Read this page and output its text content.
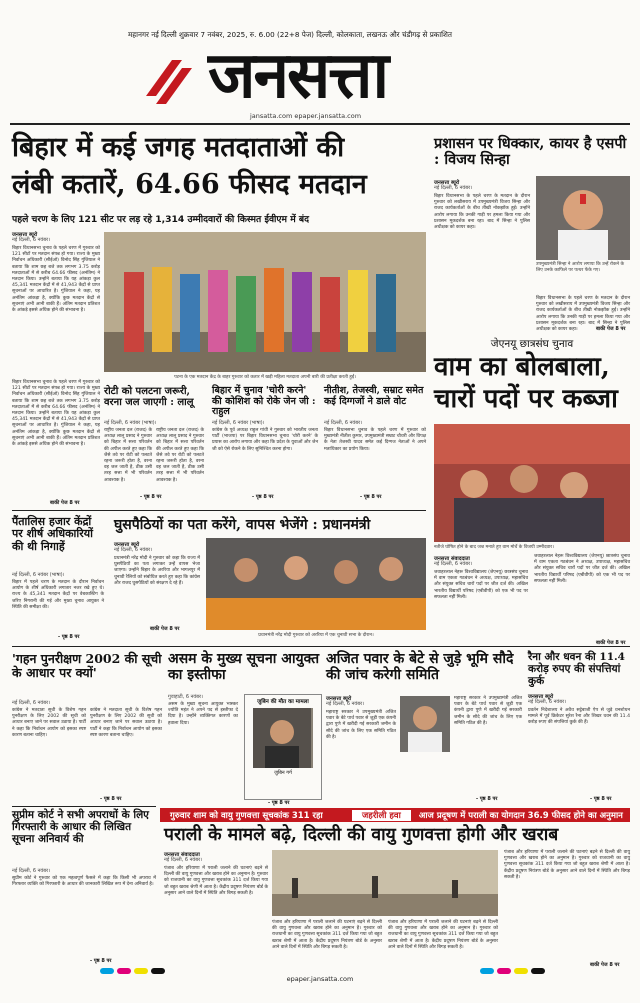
महानगर नई दिल्ली शुक्रवार 7 नवंबर, 2025, रु. 6.00 (22+8 पेज) दिल्ली, कोलकाता, लखनऊ और चंडीगढ़ से प्रकाशित
जनसत्ता
jansatta.com epaper.jansatta.com
बिहार में कई जगह मतदाताओं की
लंबी कतारें, 64.66 फीसद मतदान
पहले चरण के लिए 121 सीट पर लड़ रहे 1,314 उम्मीदवारों की किस्मत ईवीएम में बंद
जनसत्ता ब्यूरो
नई दिल्ली, 6 नवंबर।
बिहार विधानसभा चुनाव के पहले चरण में गुरुवार को 121 सीटों पर मतदान संपन्न हो गया। राज्य के मुख्य निर्वाचन अधिकारी (सीईओ) विनोद सिंह गुंजियाल ने बताया कि शाम छह बजे तक लगभग 3.75 करोड़ मतदाताओं में से करीब 64.66 फीसद (अनंतिम) ने मतदान किया। उन्होंने बताया कि यह आंकड़ा कुल 45,341 मतदान केंद्रों में से 41,943 केंद्रों से प्राप्त सूचनाओं पर आधारित है। गुंजियाल ने कहा, यह अनंतिम आंकड़ा है, क्योंकि कुछ मतदान केंद्रों से सूचनाएं अभी आनी बाकी हैं। अंतिम मतदान प्रतिशत के आंकड़े इससे अधिक होने की संभावना है।
बिहार विधानसभा चुनाव के पहले चरण में गुरुवार को 121 सीटों पर मतदान संपन्न हो गया। राज्य के मुख्य निर्वाचन अधिकारी (सीईओ) विनोद सिंह गुंजियाल ने बताया कि शाम छह बजे तक लगभग 3.75 करोड़ मतदाताओं में से करीब 64.66 फीसद (अनंतिम) ने मतदान किया। उन्होंने बताया कि यह आंकड़ा कुल 45,341 मतदान केंद्रों में से 41,943 केंद्रों से प्राप्त सूचनाओं पर आधारित है। गुंजियाल ने कहा, यह अनंतिम आंकड़ा है, क्योंकि कुछ मतदान केंद्रों से सूचनाएं अभी आनी बाकी हैं। अंतिम मतदान प्रतिशत के आंकड़े इससे अधिक होने की संभावना है।
बाकी पेज 8 पर
पटना के एक मतदान केंद्र के बाहर गुरुवार को कतार में खड़ी महिला मतदाता अपनी बारी की प्रतीक्षा करती हुईं।
रोटी को पलटना जरूरी, वरना जल जाएगी : लालू
नई दिल्ली, 6 नवंबर (भाषा)।
राष्ट्रीय जनता दल (राजद) के अध्यक्ष लालू प्रसाद ने गुरुवार को बिहार में सत्ता परिवर्तन की अपील करते हुए कहा कि जैसे तवे पर रोटी को पलटते रहना जरूरी होता है, वरना वह जल जाती है, ठीक उसी तरह सत्ता में भी परिवर्तन आवश्यक है।
राष्ट्रीय जनता दल (राजद) के अध्यक्ष लालू प्रसाद ने गुरुवार को बिहार में सत्ता परिवर्तन की अपील करते हुए कहा कि जैसे तवे पर रोटी को पलटते रहना जरूरी होता है, वरना वह जल जाती है, ठीक उसी तरह सत्ता में भी परिवर्तन आवश्यक है।
- पृष्ठ 8 पर
बिहार में चुनाव 'चोरी करने' की कोशिश को रोके जेन जी : राहुल
नई दिल्ली, 6 नवंबर (भाषा)।
कांग्रेस के पूर्व अध्यक्ष राहुल गांधी ने गुरुवार को भारतीय जनता पार्टी (भाजपा) पर बिहार विधानसभा चुनाव 'चोरी करने' के प्रयास का आरोप लगाया और कहा कि प्रदेश के युवाओं और जेन जी को ऐसे रोकने के लिए सुनिश्चित करना होगा।
- पृष्ठ 8 पर
नीतीश, तेजस्वी, सम्राट समेत कई दिग्गजों ने डाले वोट
नई दिल्ली, 6 नवंबर।
बिहार विधानसभा चुनाव के पहले चरण में गुरुवार को मुख्यमंत्री नीतीश कुमार, उपमुख्यमंत्री सम्राट चौधरी और विपक्ष के नेता तेजस्वी यादव समेत कई दिग्गज नेताओं ने अपने मताधिकार का प्रयोग किया।
- पृष्ठ 8 पर
प्रशासन पर धिक्कार, कायर है एसपी : विजय सिन्हा
जनसत्ता ब्यूरो
नई दिल्ली, 6 नवंबर।
बिहार विधानसभा के पहले चरण के मतदान के दौरान गुरुवार को लखीसराय में उपमुख्यमंत्री विजय सिन्हा और राजद कार्यकर्ताओं के बीच तीखी नोकझोंक हुई। उन्होंने आरोप लगाया कि उनकी गाड़ी पर हमला किया गया और प्रशासन मूकदर्शक बना रहा। बाद में सिन्हा ने पुलिस अधीक्षक को कायर कहा।
उपमुख्यमंत्री सिन्हा ने आरोप लगाया कि उन्हें रोकने के लिए उनके काफिले पर पत्थर फेंके गए।
बिहार विधानसभा के पहले चरण के मतदान के दौरान गुरुवार को लखीसराय में उपमुख्यमंत्री विजय सिन्हा और राजद कार्यकर्ताओं के बीच तीखी नोकझोंक हुई। उन्होंने आरोप लगाया कि उनकी गाड़ी पर हमला किया गया और प्रशासन मूकदर्शक बना रहा। बाद में सिन्हा ने पुलिस अधीक्षक को कायर कहा।	बाकी पेज 8 पर
जेएनयू छात्रसंघ चुनाव
वाम का बोलबाला,
चारों पदों पर कब्जा
नतीजे घोषित होने के बाद जश्न मनाते हुए वाम मोर्चे के विजयी उम्मीदवार।
जनसत्ता संवाददाता
नई दिल्ली, 6 नवंबर।
जवाहरलाल नेहरू विश्वविद्यालय (जेएनयू) छात्रसंघ चुनाव में वाम एकता गठबंधन ने अध्यक्ष, उपाध्यक्ष, महासचिव और संयुक्त सचिव चारों पदों पर जीत दर्ज की। अखिल भारतीय विद्यार्थी परिषद (एबीवीपी) को एक भी पद पर सफलता नहीं मिली।
जवाहरलाल नेहरू विश्वविद्यालय (जेएनयू) छात्रसंघ चुनाव में वाम एकता गठबंधन ने अध्यक्ष, उपाध्यक्ष, महासचिव और संयुक्त सचिव चारों पदों पर जीत दर्ज की। अखिल भारतीय विद्यार्थी परिषद (एबीवीपी) को एक भी पद पर सफलता नहीं मिली।
बाकी पेज 8 पर
पैंतालिस हजार केंद्रों पर शीर्ष अधिकारियों की थी निगाहें
नई दिल्ली, 6 नवंबर (भाषा)।
बिहार में पहले चरण के मतदान के दौरान निर्वाचन आयोग के शीर्ष अधिकारी लगातार नजर रखे हुए थे। राज्य के 45,341 मतदान केंद्रों पर वेबकास्टिंग के जरिए निगरानी की गई और मुख्य चुनाव आयुक्त ने स्थिति की समीक्षा की।
- पृष्ठ 8 पर
घुसपैठियों का पता करेंगे, वापस भेजेंगे : प्रधानमंत्री
जनसत्ता ब्यूरो
नई दिल्ली, 6 नवंबर।
प्रधानमंत्री नरेंद्र मोदी ने गुरुवार को कहा कि राज्य में घुसपैठियों का पता लगाकर उन्हें वापस भेजा जाएगा। उन्होंने बिहार के अररिया और भागलपुर में चुनावी रैलियों को संबोधित करते हुए कहा कि कांग्रेस और राजद घुसपैठियों को संरक्षण दे रहे हैं।
प्रधानमंत्री नरेंद्र मोदी गुरुवार को अररिया में एक चुनावी सभा के दौरान।
बाकी पेज 8 पर
'गहन पुनरीक्षण 2002 की सूची के आधार पर क्यों'
नई दिल्ली, 6 नवंबर।
कांग्रेस ने मतदाता सूची के विशेष गहन पुनरीक्षण के लिए 2002 की सूची को आधार बनाए जाने पर सवाल उठाया है। पार्टी ने कहा कि निर्वाचन आयोग को इसका स्पष्ट कारण बताना चाहिए।
कांग्रेस ने मतदाता सूची के विशेष गहन पुनरीक्षण के लिए 2002 की सूची को आधार बनाए जाने पर सवाल उठाया है। पार्टी ने कहा कि निर्वाचन आयोग को इसका स्पष्ट कारण बताना चाहिए।
- पृष्ठ 8 पर
असम के मुख्य सूचना आयुक्त का इस्तीफा
गुवाहाटी, 6 नवंबर।
असम के मुख्य सूचना आयुक्त भास्कर ज्योति महंत ने अपने पद से इस्तीफा दे दिया है। उन्होंने व्यक्तिगत कारणों का हवाला दिया।
जुबिन की मौत का मामला
जुबिन गर्ग
- पृष्ठ 8 पर
अजित पवार के बेटे से जुड़े भूमि सौदे की जांच करेगी समिति
जनसत्ता ब्यूरो
नई दिल्ली, 6 नवंबर।
महाराष्ट्र सरकार ने उपमुख्यमंत्री अजित पवार के बेटे पार्थ पवार से जुड़ी एक कंपनी द्वारा पुणे में खरीदी गई सरकारी जमीन के सौदे की जांच के लिए एक समिति गठित की है।
महाराष्ट्र सरकार ने उपमुख्यमंत्री अजित पवार के बेटे पार्थ पवार से जुड़ी एक कंपनी द्वारा पुणे में खरीदी गई सरकारी जमीन के सौदे की जांच के लिए एक समिति गठित की है।
- पृष्ठ 8 पर
रैना और धवन की 11.4 करोड़ रुपए की संपत्तियां कुर्क
जनसत्ता ब्यूरो
नई दिल्ली, 6 नवंबर।
प्रवर्तन निदेशालय ने अवैध सट्टेबाजी ऐप से जुड़े धनशोधन मामले में पूर्व क्रिकेटर सुरेश रैना और शिखर धवन की 11.4 करोड़ रुपए की संपत्तियां कुर्क की हैं।
- पृष्ठ 8 पर
सुप्रीम कोर्ट ने सभी अपराधों के लिए गिरफ्तारी के आधार की लिखित सूचना अनिवार्य की
नई दिल्ली, 6 नवंबर।
सुप्रीम कोर्ट ने गुरुवार को एक महत्वपूर्ण फैसले में कहा कि किसी भी अपराध में गिरफ्तार व्यक्ति को गिरफ्तारी के आधार की जानकारी लिखित रूप में देना अनिवार्य है।
- पृष्ठ 8 पर
गुरुवार शाम को वायु गुणवत्ता सूचकांक 311 रहा	जहरीली हवा	आज प्रदूषण में पराली का योगदान 36.9 फीसद होने का अनुमान
पराली के मामले बढ़े, दिल्ली की वायु गुणवत्ता होगी और खराब
जनसत्ता संवाददाता
नई दिल्ली, 6 नवंबर।
पंजाब और हरियाणा में पराली जलाने की घटनाएं बढ़ने से दिल्ली की वायु गुणवत्ता और खराब होने का अनुमान है। गुरुवार को राजधानी का वायु गुणवत्ता सूचकांक 311 दर्ज किया गया जो बहुत खराब श्रेणी में आता है। केंद्रीय प्रदूषण नियंत्रण बोर्ड के अनुसार आने वाले दिनों में स्थिति और बिगड़ सकती है।
पंजाब और हरियाणा में पराली जलाने की घटनाएं बढ़ने से दिल्ली की वायु गुणवत्ता और खराब होने का अनुमान है। गुरुवार को राजधानी का वायु गुणवत्ता सूचकांक 311 दर्ज किया गया जो बहुत खराब श्रेणी में आता है। केंद्रीय प्रदूषण नियंत्रण बोर्ड के अनुसार आने वाले दिनों में स्थिति और बिगड़ सकती है।
पंजाब और हरियाणा में पराली जलाने की घटनाएं बढ़ने से दिल्ली की वायु गुणवत्ता और खराब होने का अनुमान है। गुरुवार को राजधानी का वायु गुणवत्ता सूचकांक 311 दर्ज किया गया जो बहुत खराब श्रेणी में आता है। केंद्रीय प्रदूषण नियंत्रण बोर्ड के अनुसार आने वाले दिनों में स्थिति और बिगड़ सकती है।
पंजाब और हरियाणा में पराली जलाने की घटनाएं बढ़ने से दिल्ली की वायु गुणवत्ता और खराब होने का अनुमान है। गुरुवार को राजधानी का वायु गुणवत्ता सूचकांक 311 दर्ज किया गया जो बहुत खराब श्रेणी में आता है। केंद्रीय प्रदूषण नियंत्रण बोर्ड के अनुसार आने वाले दिनों में स्थिति और बिगड़ सकती है।
बाकी पेज 8 पर
epaper.jansatta.com
